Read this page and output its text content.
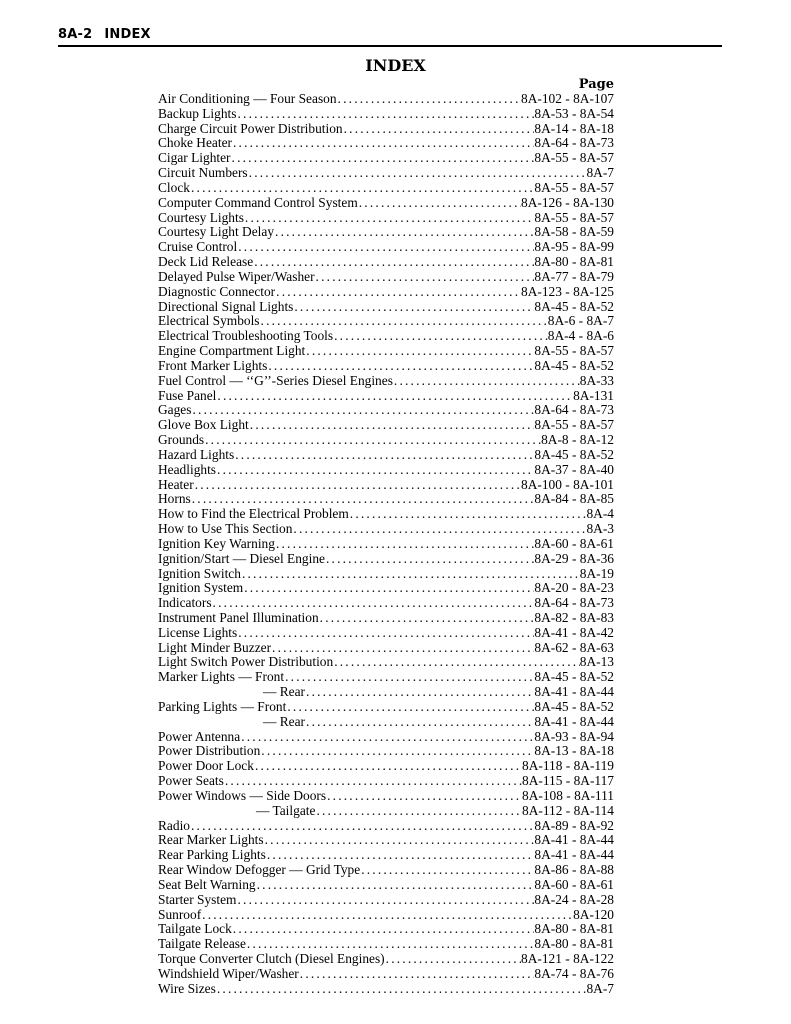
8A-2 INDEX
INDEX
Page
Air Conditioning — Four Season .....	8A-102 - 8A-107
Backup Lights .....	8A-53 - 8A-54
Charge Circuit Power Distribution .....	8A-14 - 8A-18
Choke Heater .....	8A-64 - 8A-73
Cigar Lighter .....	8A-55 - 8A-57
Circuit Numbers .....	8A-7
Clock .....	8A-55 - 8A-57
Computer Command Control System .....	8A-126 - 8A-130
Courtesy Lights .....	8A-55 - 8A-57
Courtesy Light Delay .....	8A-58 - 8A-59
Cruise Control .....	8A-95 - 8A-99
Deck Lid Release .....	8A-80 - 8A-81
Delayed Pulse Wiper/Washer .....	8A-77 - 8A-79
Diagnostic Connector .....	8A-123 - 8A-125
Directional Signal Lights .....	8A-45 - 8A-52
Electrical Symbols .....	8A-6 - 8A-7
Electrical Troubleshooting Tools .....	8A-4 - 8A-6
Engine Compartment Light .....	8A-55 - 8A-57
Front Marker Lights .....	8A-45 - 8A-52
Fuel Control — ‘‘G’’-Series Diesel Engines .....	8A-33
Fuse Panel .....	8A-131
Gages .....	8A-64 - 8A-73
Glove Box Light .....	8A-55 - 8A-57
Grounds .....	8A-8 - 8A-12
Hazard Lights .....	8A-45 - 8A-52
Headlights .....	8A-37 - 8A-40
Heater .....	8A-100 - 8A-101
Horns .....	8A-84 - 8A-85
How to Find the Electrical Problem .....	8A-4
How to Use This Section .....	8A-3
Ignition Key Warning .....	8A-60 - 8A-61
Ignition/Start — Diesel Engine .....	8A-29 - 8A-36
Ignition Switch .....	8A-19
Ignition System .....	8A-20 - 8A-23
Indicators .....	8A-64 - 8A-73
Instrument Panel Illumination .....	8A-82 - 8A-83
License Lights .....	8A-41 - 8A-42
Light Minder Buzzer .....	8A-62 - 8A-63
Light Switch Power Distribution .....	8A-13
Marker Lights — Front .....	8A-45 - 8A-52
— Rear .....	8A-41 - 8A-44
Parking Lights — Front .....	8A-45 - 8A-52
— Rear .....	8A-41 - 8A-44
Power Antenna .....	8A-93 - 8A-94
Power Distribution .....	8A-13 - 8A-18
Power Door Lock .....	8A-118 - 8A-119
Power Seats .....	8A-115 - 8A-117
Power Windows — Side Doors .....	8A-108 - 8A-111
— Tailgate .....	8A-112 - 8A-114
Radio .....	8A-89 - 8A-92
Rear Marker Lights .....	8A-41 - 8A-44
Rear Parking Lights .....	8A-41 - 8A-44
Rear Window Defogger — Grid Type .....	8A-86 - 8A-88
Seat Belt Warning .....	8A-60 - 8A-61
Starter System .....	8A-24 - 8A-28
Sunroof .....	8A-120
Tailgate Lock .....	8A-80 - 8A-81
Tailgate Release .....	8A-80 - 8A-81
Torque Converter Clutch (Diesel Engines) .....	8A-121 - 8A-122
Windshield Wiper/Washer .....	8A-74 - 8A-76
Wire Sizes .....	8A-7
